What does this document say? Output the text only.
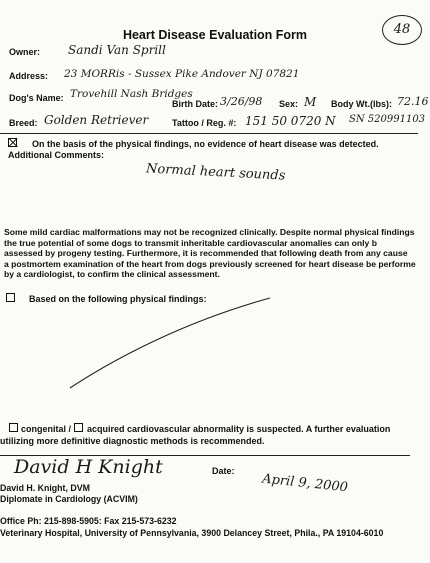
Heart Disease Evaluation Form	48
Owner: Sandi Van Sprill
Address: 23 MORRis - Sussex Pike Andover NJ 07821
Dog's Name: Trovehill Nash Bridges
Birth Date: 3/26/98 Sex: M Body Wt.(lbs): 72.16
Breed: Golden Retriever	Tattoo / Reg. #: 151 50 0720 N SN 520991103
On the basis of the physical findings, no evidence of heart disease was detected.
Additional Comments:
Normal heart sounds
Some mild cardiac malformations may not be recognized clinically. Despite normal physical findings
the true potential of some dogs to transmit inheritable cardiovascular anomalies can only b
assessed by progeny testing. Furthermore, it is recommended that following death from any cause
a postmortem examination of the heart from dogs previously screened for heart disease be performe
by a cardiologist, to confirm the clinical assessment.
Based on the following physical findings:
congenital / acquired cardiovascular abnormality is suspected. A further evaluation
utilizing more definitive diagnostic methods is recommended.
David H Knight	Date:
April 9, 2000
David H. Knight, DVM
Diplomate in Cardiology (ACVIM)
Office Ph: 215-898-5905: Fax 215-573-6232
Veterinary Hospital, University of Pennsylvania, 3900 Delancey Street, Phila., PA 19104-6010
